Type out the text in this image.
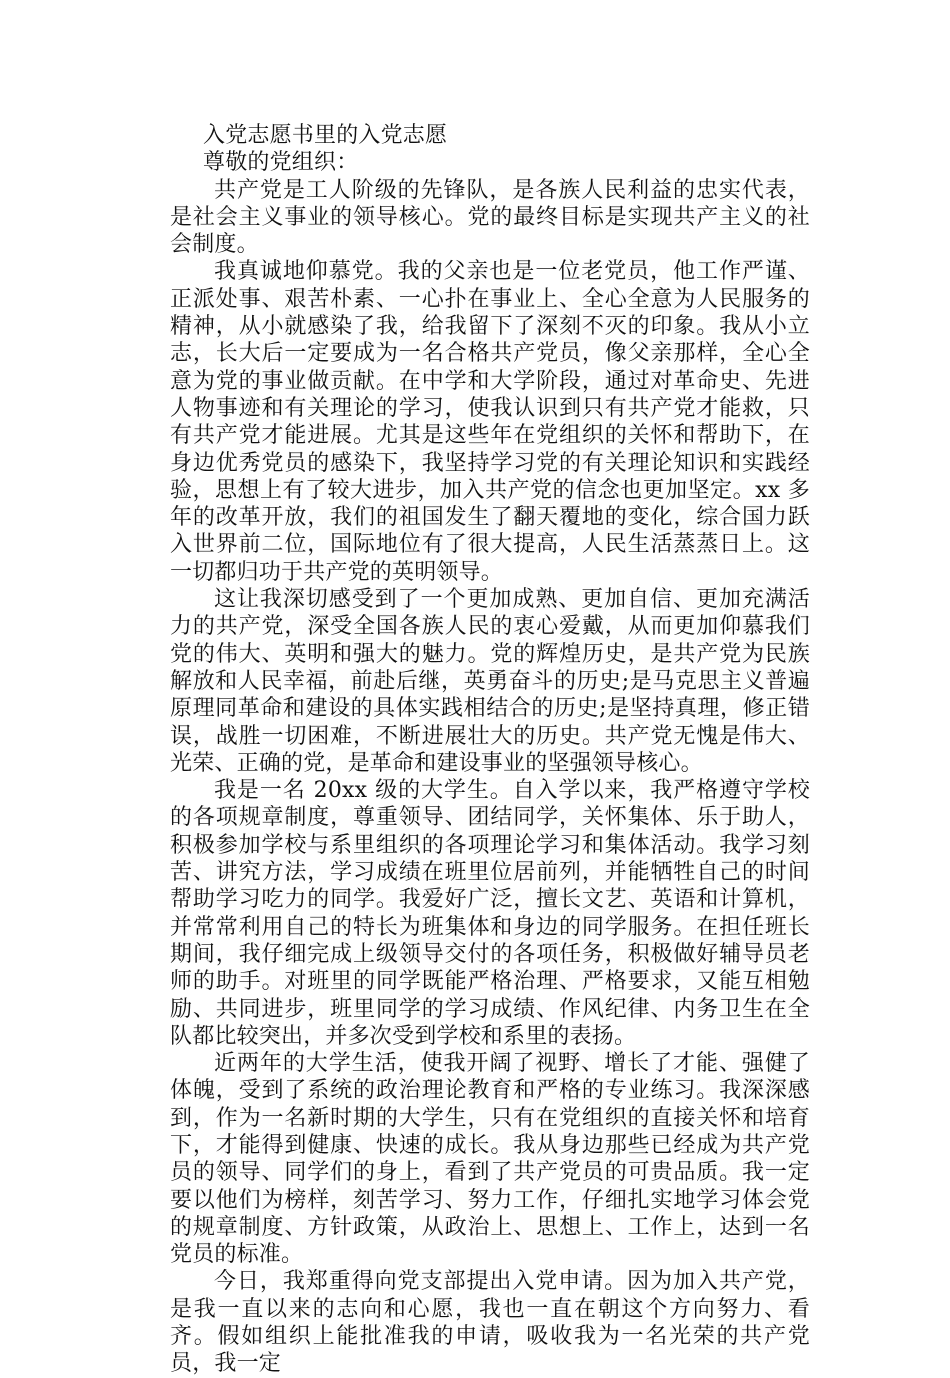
入党志愿书里的入党志愿

尊敬的党组织：

共产党是工人阶级的先锋队，是各族人民利益的忠实代表，是社会主义事业的领导核心。党的最终目标是实现共产主义的社会制度。

我真诚地仰慕党。我的父亲也是一位老党员，他工作严谨、正派处事、艰苦朴素、一心扑在事业上、全心全意为人民服务的精神，从小就感染了我，给我留下了深刻不灭的印象。我从小立志，长大后一定要成为一名合格共产党员，像父亲那样，全心全意为党的事业做贡献。在中学和大学阶段，通过对革命史、先进人物事迹和有关理论的学习，使我认识到只有共产党才能救，只有共产党才能进展。尤其是这些年在党组织的关怀和帮助下，在身边优秀党员的感染下，我坚持学习党的有关理论知识和实践经验，思想上有了较大进步，加入共产党的信念也更加坚定。xx 多年的改革开放，我们的祖国发生了翻天覆地的变化，综合国力跃入世界前二位，国际地位有了很大提高，人民生活蒸蒸日上。这一切都归功于共产党的英明领导。

这让我深切感受到了一个更加成熟、更加自信、更加充满活力的共产党，深受全国各族人民的衷心爱戴，从而更加仰慕我们党的伟大、英明和强大的魅力。党的辉煌历史，是共产党为民族解放和人民幸福，前赴后继，英勇奋斗的历史;是马克思主义普遍原理同革命和建设的具体实践相结合的历史;是坚持真理，修正错误，战胜一切困难，不断进展壮大的历史。共产党无愧是伟大、光荣、正确的党，是革命和建设事业的坚强领导核心。

我是一名 20xx 级的大学生。自入学以来，我严格遵守学校的各项规章制度，尊重领导、团结同学，关怀集体、乐于助人，积极参加学校与系里组织的各项理论学习和集体活动。我学习刻苦、讲究方法，学习成绩在班里位居前列，并能牺牲自己的时间帮助学习吃力的同学。我爱好广泛，擅长文艺、英语和计算机，并常常利用自己的特长为班集体和身边的同学服务。在担任班长期间，我仔细完成上级领导交付的各项任务，积极做好辅导员老师的助手。对班里的同学既能严格治理、严格要求，又能互相勉励、共同进步，班里同学的学习成绩、作风纪律、内务卫生在全队都比较突出，并多次受到学校和系里的表扬。

近两年的大学生活，使我开阔了视野、增长了才能、强健了体魄，受到了系统的政治理论教育和严格的专业练习。我深深感到，作为一名新时期的大学生，只有在党组织的直接关怀和培育下，才能得到健康、快速的成长。我从身边那些已经成为共产党员的领导、同学们的身上，看到了共产党员的可贵品质。我一定要以他们为榜样，刻苦学习、努力工作，仔细扎实地学习体会党的规章制度、方针政策，从政治上、思想上、工作上，达到一名党员的标准。

今日，我郑重得向党支部提出入党申请。因为加入共产党，是我一直以来的志向和心愿，我也一直在朝这个方向努力、看齐。假如组织上能批准我的申请，吸收我为一名光荣的共产党员，我一定
